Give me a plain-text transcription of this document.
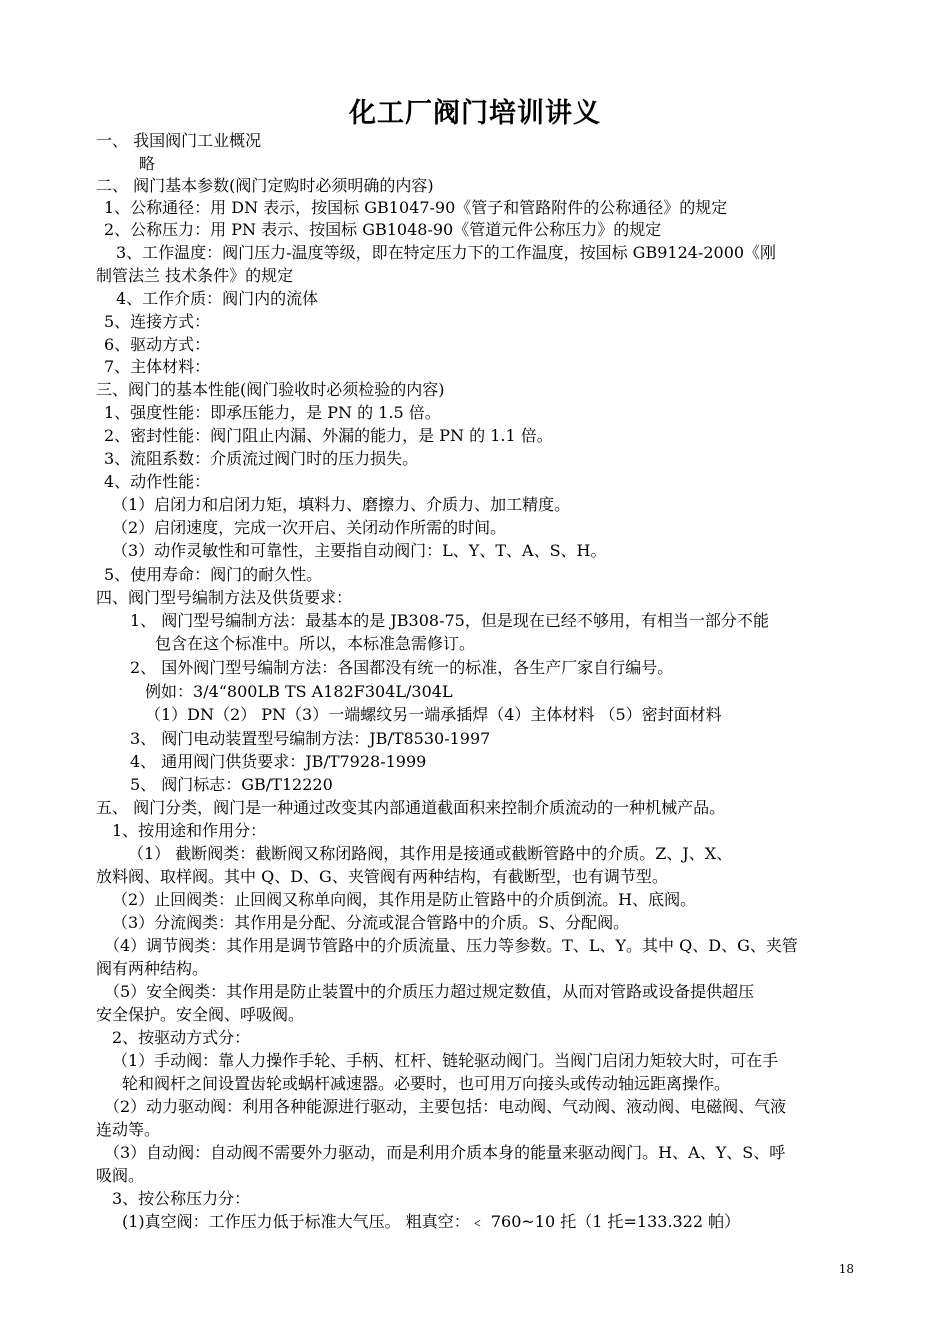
化工厂阀门培训讲义
一、 我国阀门工业概况
略
二、 阀门基本参数(阀门定购时必须明确的内容)
1、公称通径：用 DN 表示，按国标 GB1047-90《管子和管路附件的公称通径》的规定
2、公称压力：用 PN 表示、按国标 GB1048-90《管道元件公称压力》的规定
3、工作温度：阀门压力-温度等级，即在特定压力下的工作温度，按国标 GB9124-2000《刚
制管法兰 技术条件》的规定
4、工作介质：阀门内的流体
5、连接方式：
6、驱动方式：
7、主体材料：
三、阀门的基本性能(阀门验收时必须检验的内容)
1、强度性能：即承压能力，是 PN 的 1.5 倍。
2、密封性能：阀门阻止内漏、外漏的能力，是 PN 的 1.1 倍。
3、流阻系数：介质流过阀门时的压力损失。
4、动作性能：
（1）启闭力和启闭力矩，填料力、磨擦力、介质力、加工精度。
（2）启闭速度，完成一次开启、关闭动作所需的时间。
（3）动作灵敏性和可靠性，主要指自动阀门：L、Y、T、A、S、H。
5、使用寿命：阀门的耐久性。
四、阀门型号编制方法及供货要求：
1、 阀门型号编制方法：最基本的是 JB308-75，但是现在已经不够用，有相当一部分不能
包含在这个标准中。所以，本标准急需修订。
2、 国外阀门型号编制方法：各国都没有统一的标准，各生产厂家自行编号。
例如：3/4“800LB TS A182F304L/304L
（1）DN（2） PN（3）一端螺纹另一端承插焊（4）主体材料 （5）密封面材料
3、 阀门电动装置型号编制方法：JB/T8530-1997
4、 通用阀门供货要求：JB/T7928-1999
5、 阀门标志：GB/T12220
五、 阀门分类，阀门是一种通过改变其内部通道截面积来控制介质流动的一种机械产品。
1、按用途和作用分：
（1） 截断阀类：截断阀又称闭路阀，其作用是接通或截断管路中的介质。Z、J、X、
放料阀、取样阀。其中 Q、D、G、夹管阀有两种结构，有截断型，也有调节型。
（2）止回阀类：止回阀又称单向阀，其作用是防止管路中的介质倒流。H、底阀。
（3）分流阀类：其作用是分配、分流或混合管路中的介质。S、分配阀。
（4）调节阀类：其作用是调节管路中的介质流量、压力等参数。T、L、Y。其中 Q、D、G、夹管
阀有两种结构。
（5）安全阀类：其作用是防止装置中的介质压力超过规定数值，从而对管路或设备提供超压
安全保护。安全阀、呼吸阀。
2、按驱动方式分：
（1）手动阀：靠人力操作手轮、手柄、杠杆、链轮驱动阀门。当阀门启闭力矩较大时，可在手
轮和阀杆之间设置齿轮或蜗杆减速器。必要时，也可用万向接头或传动轴远距离操作。
（2）动力驱动阀：利用各种能源进行驱动，主要包括：电动阀、气动阀、液动阀、电磁阀、气液
连动等。
（3）自动阀：自动阀不需要外力驱动，而是利用介质本身的能量来驱动阀门。H、A、Y、S、呼
吸阀。
3、按公称压力分：
(1)真空阀：工作压力低于标准大气压。 粗真空：﹤ 760~10 托（1 托=133.322 帕）
18
